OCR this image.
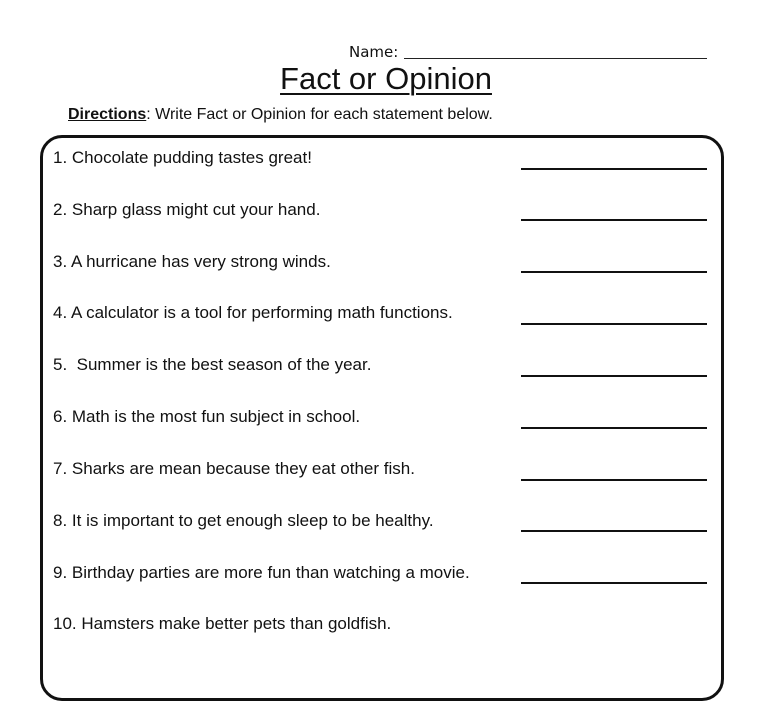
Name:
Fact or Opinion
Directions: Write Fact or Opinion for each statement below.
1. Chocolate pudding tastes great!
2. Sharp glass might cut your hand.
3. A hurricane has very strong winds.
4. A calculator is a tool for performing math functions.
5.  Summer is the best season of the year.
6. Math is the most fun subject in school.
7. Sharks are mean because they eat other fish.
8. It is important to get enough sleep to be healthy.
9. Birthday parties are more fun than watching a movie.
10. Hamsters make better pets than goldfish.
